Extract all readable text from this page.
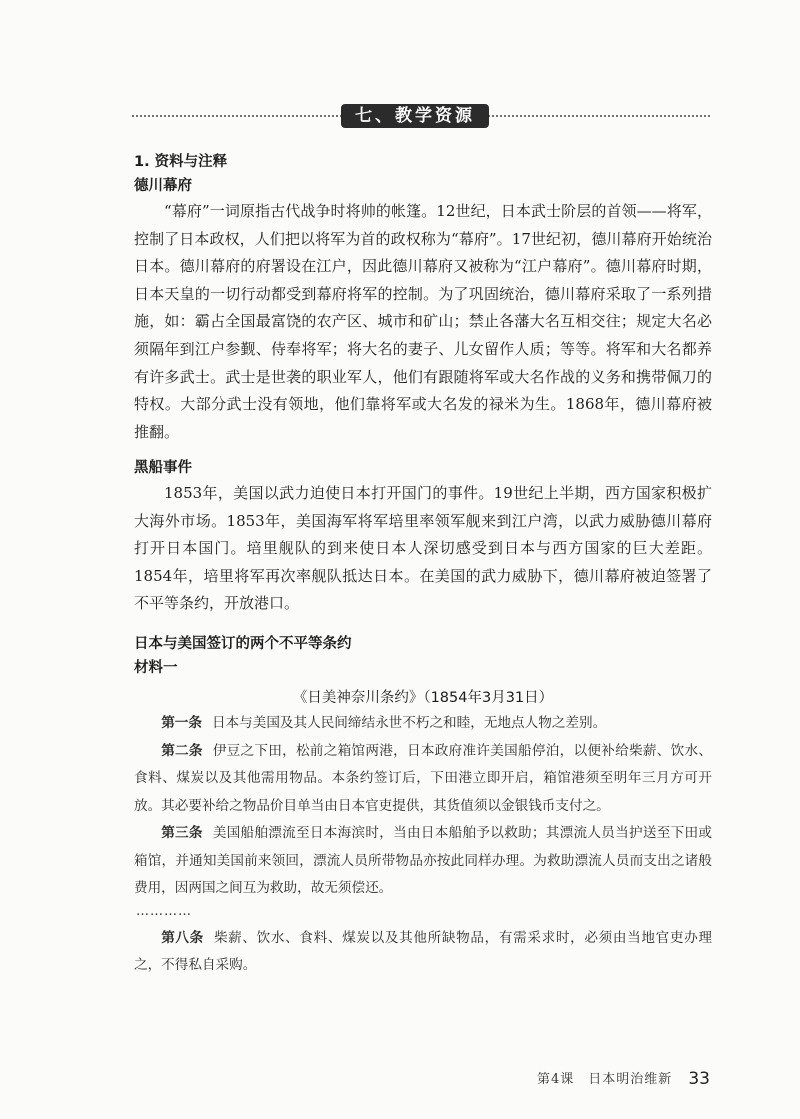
七、教学资源

1. 资料与注释

德川幕府

“幕府”一词原指古代战争时将帅的帐篷。12世纪，日本武士阶层的首领——将军，控制了日本政权，人们把以将军为首的政权称为“幕府”。17世纪初，德川幕府开始统治日本。德川幕府的府署设在江户，因此德川幕府又被称为“江户幕府”。德川幕府时期，日本天皇的一切行动都受到幕府将军的控制。为了巩固统治，德川幕府采取了一系列措施，如：霸占全国最富饶的农产区、城市和矿山；禁止各藩大名互相交往；规定大名必须隔年到江户参觐、侍奉将军；将大名的妻子、儿女留作人质；等等。将军和大名都养有许多武士。武士是世袭的职业军人，他们有跟随将军或大名作战的义务和携带佩刀的特权。大部分武士没有领地，他们靠将军或大名发的禄米为生。1868年，德川幕府被推翻。

黑船事件

1853年，美国以武力迫使日本打开国门的事件。19世纪上半期，西方国家积极扩大海外市场。1853年，美国海军将军培里率领军舰来到江户湾，以武力威胁德川幕府打开日本国门。培里舰队的到来使日本人深切感受到日本与西方国家的巨大差距。1854年，培里将军再次率舰队抵达日本。在美国的武力威胁下，德川幕府被迫签署了不平等条约，开放港口。

日本与美国签订的两个不平等条约

材料一

《日美神奈川条约》（1854年3月31日）

第一条 日本与美国及其人民间缔结永世不朽之和睦，无地点人物之差别。

第二条 伊豆之下田，松前之箱馆两港，日本政府准许美国船停泊，以便补给柴薪、饮水、食料、煤炭以及其他需用物品。本条约签订后，下田港立即开启，箱馆港须至明年三月方可开放。其必要补给之物品价目单当由日本官吏提供，其货值须以金银钱币支付之。

第三条 美国船舶漂流至日本海滨时，当由日本船舶予以救助；其漂流人员当护送至下田或箱馆，并通知美国前来领回，漂流人员所带物品亦按此同样办理。为救助漂流人员而支出之诸般费用，因两国之间互为救助，故无须偿还。

…………

第八条 柴薪、饮水、食料、煤炭以及其他所缺物品，有需采求时，必须由当地官吏办理之，不得私自采购。

第4课　日本明治维新 33
